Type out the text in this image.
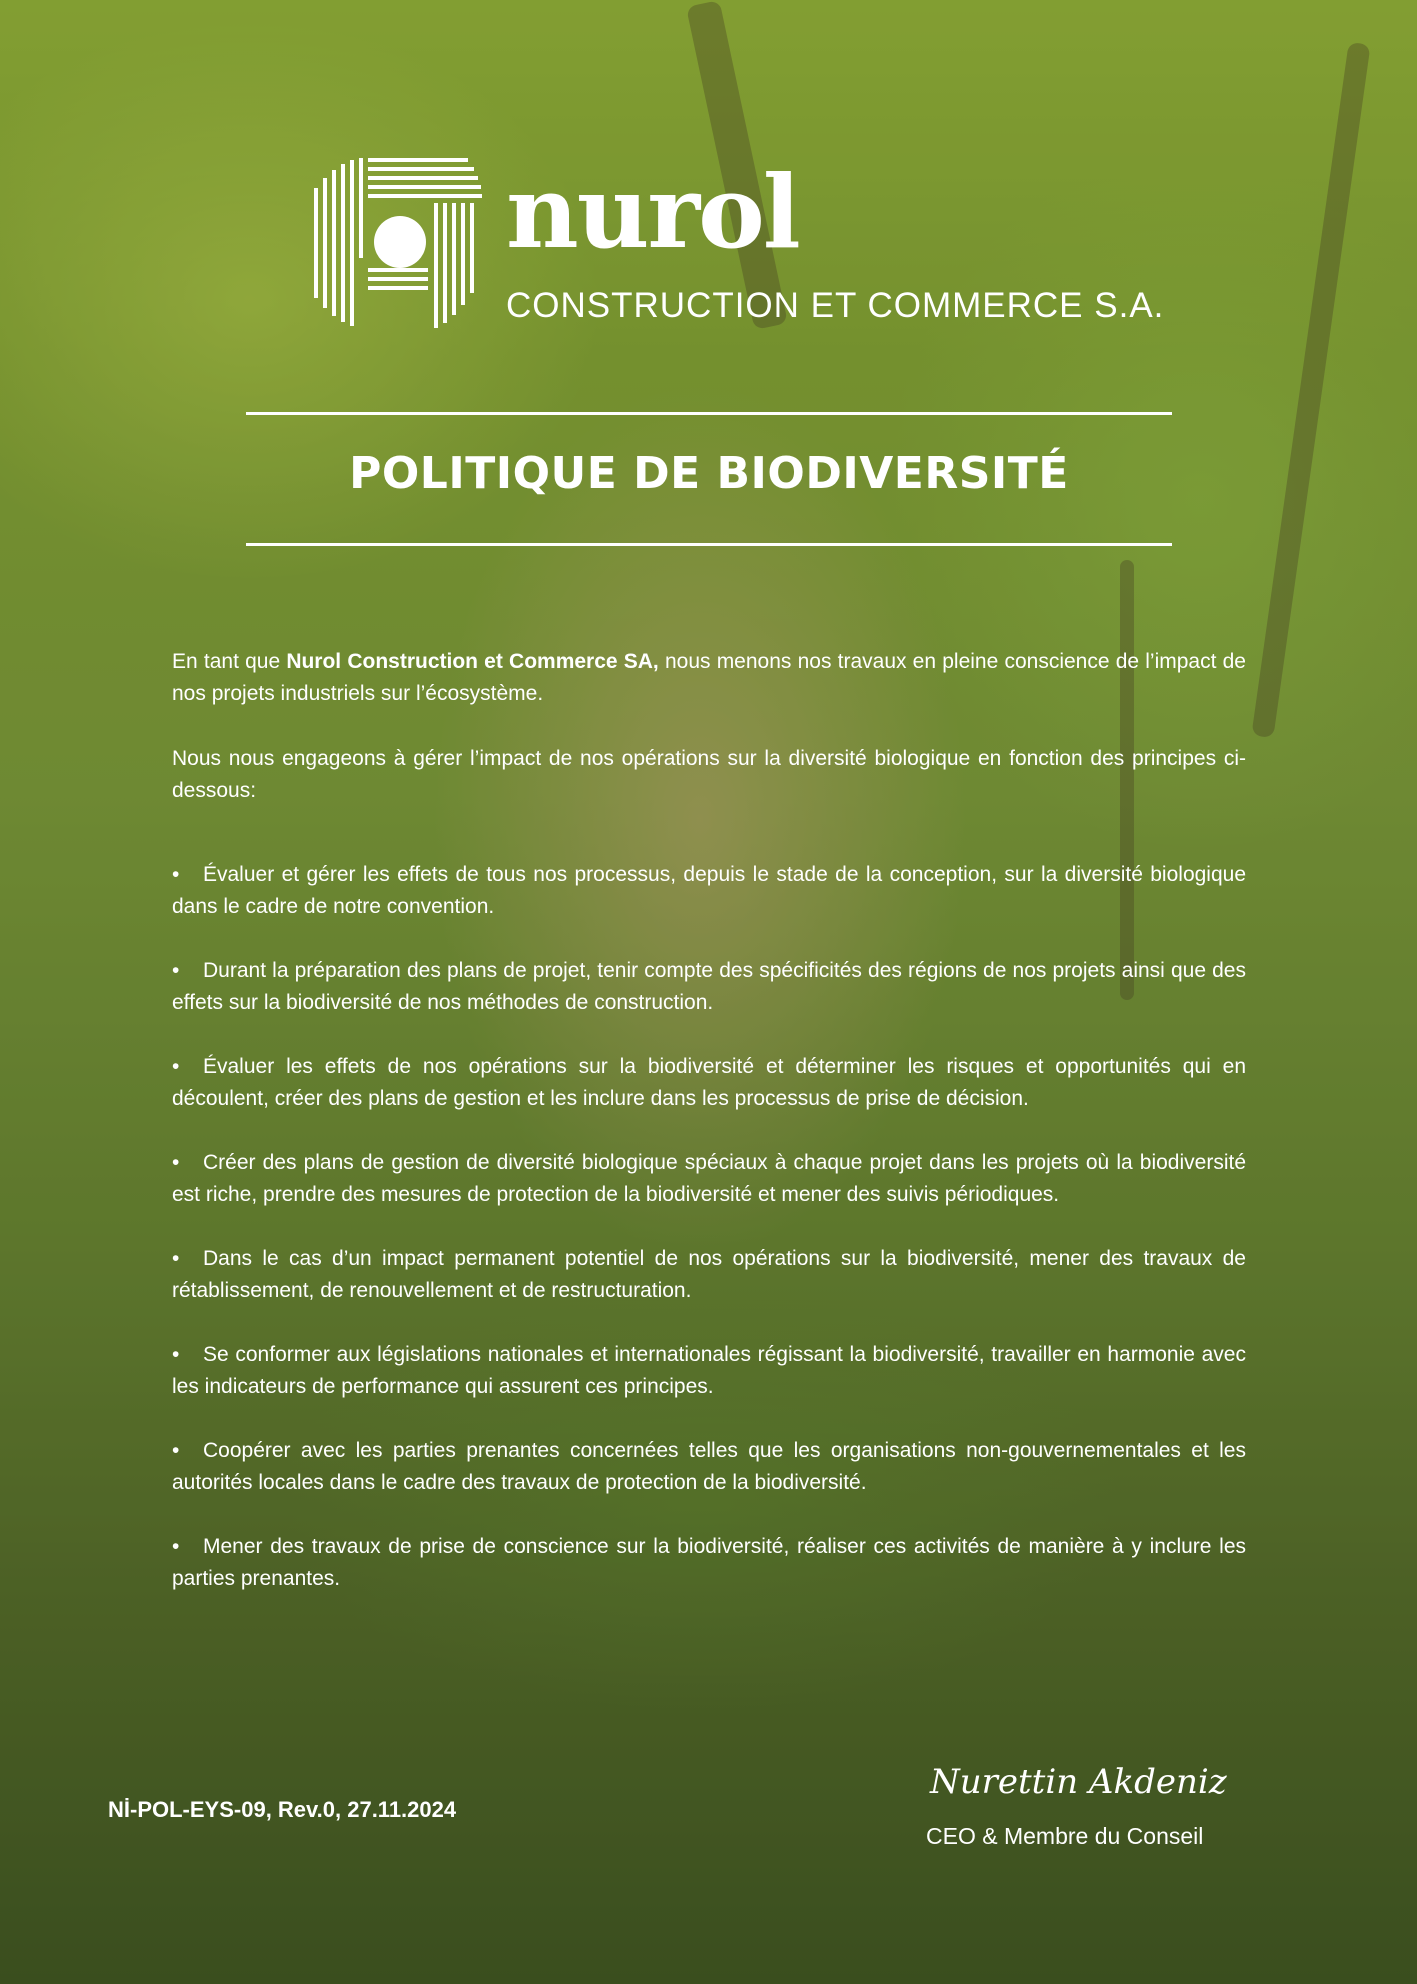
nurol
CONSTRUCTION ET COMMERCE S.A.
POLITIQUE DE BIODIVERSITÉ

En tant que Nurol Construction et Commerce SA, nous menons nos travaux en pleine conscience de l’impact de nos projets industriels sur l’écosystème.

Nous nous engageons à gérer l’impact de nos opérations sur la diversité biologique en fonction des principes ci-dessous:

• Évaluer et gérer les effets de tous nos processus, depuis le stade de la conception, sur la diversité biologique dans le cadre de notre convention.
• Durant la préparation des plans de projet, tenir compte des spécificités des régions de nos projets ainsi que des effets sur la biodiversité de nos méthodes de construction.
• Évaluer les effets de nos opérations sur la biodiversité et déterminer les risques et opportunités qui en découlent, créer des plans de gestion et les inclure dans les processus de prise de décision.
• Créer des plans de gestion de diversité biologique spéciaux à chaque projet dans les projets où la biodiversité est riche, prendre des mesures de protection de la biodiversité et mener des suivis périodiques.
• Dans le cas d’un impact permanent potentiel de nos opérations sur la biodiversité, mener des travaux de rétablissement, de renouvellement et de restructuration.
• Se conformer aux législations nationales et internationales régissant la biodiversité, travailler en harmonie avec les indicateurs de performance qui assurent ces principes.
• Coopérer avec les parties prenantes concernées telles que les organisations non-gouvernementales et les autorités locales dans le cadre des travaux de protection de la biodiversité.
• Mener des travaux de prise de conscience sur la biodiversité, réaliser ces activités de manière à y inclure les parties prenantes.
Nİ-POL-EYS-09, Rev.0, 27.11.2024
Nurettin Akdeniz
CEO & Membre du Conseil
